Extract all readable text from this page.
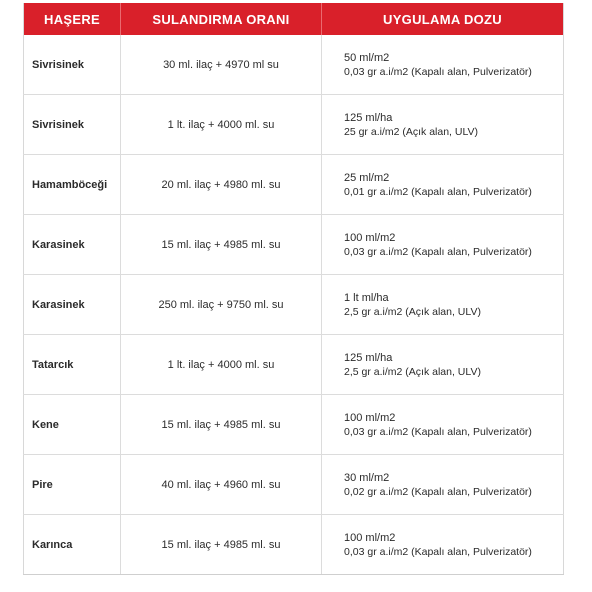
HAŞERE	SULANDIRMA ORANI	UYGULAMA DOZU
Sivrisinek	30 ml. ilaç + 4970 ml su	50 ml/m2
0,03 gr a.i/m2 (Kapalı alan, Pulverizatör)

Sivrisinek	1 lt. ilaç + 4000 ml. su	125 ml/ha
25 gr a.i/m2 (Açık alan, ULV)

Hamamböceği	20 ml. ilaç + 4980 ml. su	25 ml/m2
0,01 gr a.i/m2 (Kapalı alan, Pulverizatör)

Karasinek	15 ml. ilaç + 4985 ml. su	100 ml/m2
0,03 gr a.i/m2 (Kapalı alan, Pulverizatör)

Karasinek	250 ml. ilaç + 9750 ml. su	1 lt ml/ha
2,5 gr a.i/m2 (Açık alan, ULV)

Tatarcık	1 lt. ilaç + 4000 ml. su	125 ml/ha
2,5 gr a.i/m2 (Açık alan, ULV)

Kene	15 ml. ilaç + 4985 ml. su	100 ml/m2
0,03 gr a.i/m2 (Kapalı alan, Pulverizatör)

Pire	40 ml. ilaç + 4960 ml. su	30 ml/m2
0,02 gr a.i/m2 (Kapalı alan, Pulverizatör)

Karınca	15 ml. ilaç + 4985 ml. su	100 ml/m2
0,03 gr a.i/m2 (Kapalı alan, Pulverizatör)
